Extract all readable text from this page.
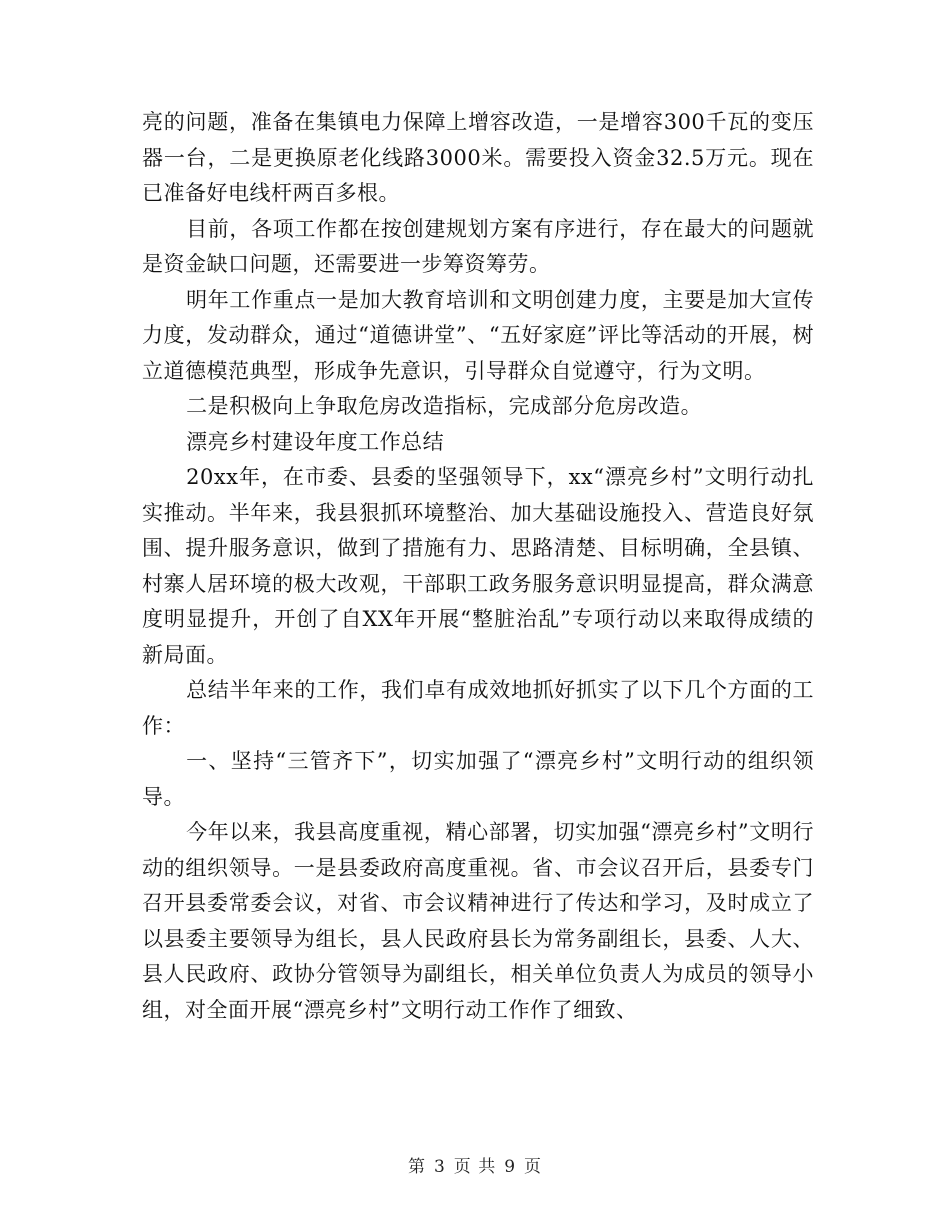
亮的问题，准备在集镇电力保障上增容改造，一是增容300千瓦的变压器一台，二是更换原老化线路3000米。需要投入资金32.5万元。现在已准备好电线杆两百多根。

目前，各项工作都在按创建规划方案有序进行，存在最大的问题就是资金缺口问题，还需要进一步筹资筹劳。

明年工作重点一是加大教育培训和文明创建力度，主要是加大宣传力度，发动群众，通过“道德讲堂”、“五好家庭”评比等活动的开展，树立道德模范典型，形成争先意识，引导群众自觉遵守，行为文明。

二是积极向上争取危房改造指标，完成部分危房改造。

漂亮乡村建设年度工作总结

20xx年，在市委、县委的坚强领导下，xx“漂亮乡村”文明行动扎实推动。半年来，我县狠抓环境整治、加大基础设施投入、营造良好氛围、提升服务意识，做到了措施有力、思路清楚、目标明确，全县镇、村寨人居环境的极大改观，干部职工政务服务意识明显提高，群众满意度明显提升，开创了自XX年开展“整脏治乱”专项行动以来取得成绩的新局面。

总结半年来的工作，我们卓有成效地抓好抓实了以下几个方面的工作：

一、坚持“三管齐下”，切实加强了“漂亮乡村”文明行动的组织领导。

今年以来，我县高度重视，精心部署，切实加强“漂亮乡村”文明行动的组织领导。一是县委政府高度重视。省、市会议召开后，县委专门召开县委常委会议，对省、市会议精神进行了传达和学习，及时成立了以县委主要领导为组长，县人民政府县长为常务副组长，县委、人大、县人民政府、政协分管领导为副组长，相关单位负责人为成员的领导小组，对全面开展“漂亮乡村”文明行动工作作了细致、

第 3 页 共 9 页
